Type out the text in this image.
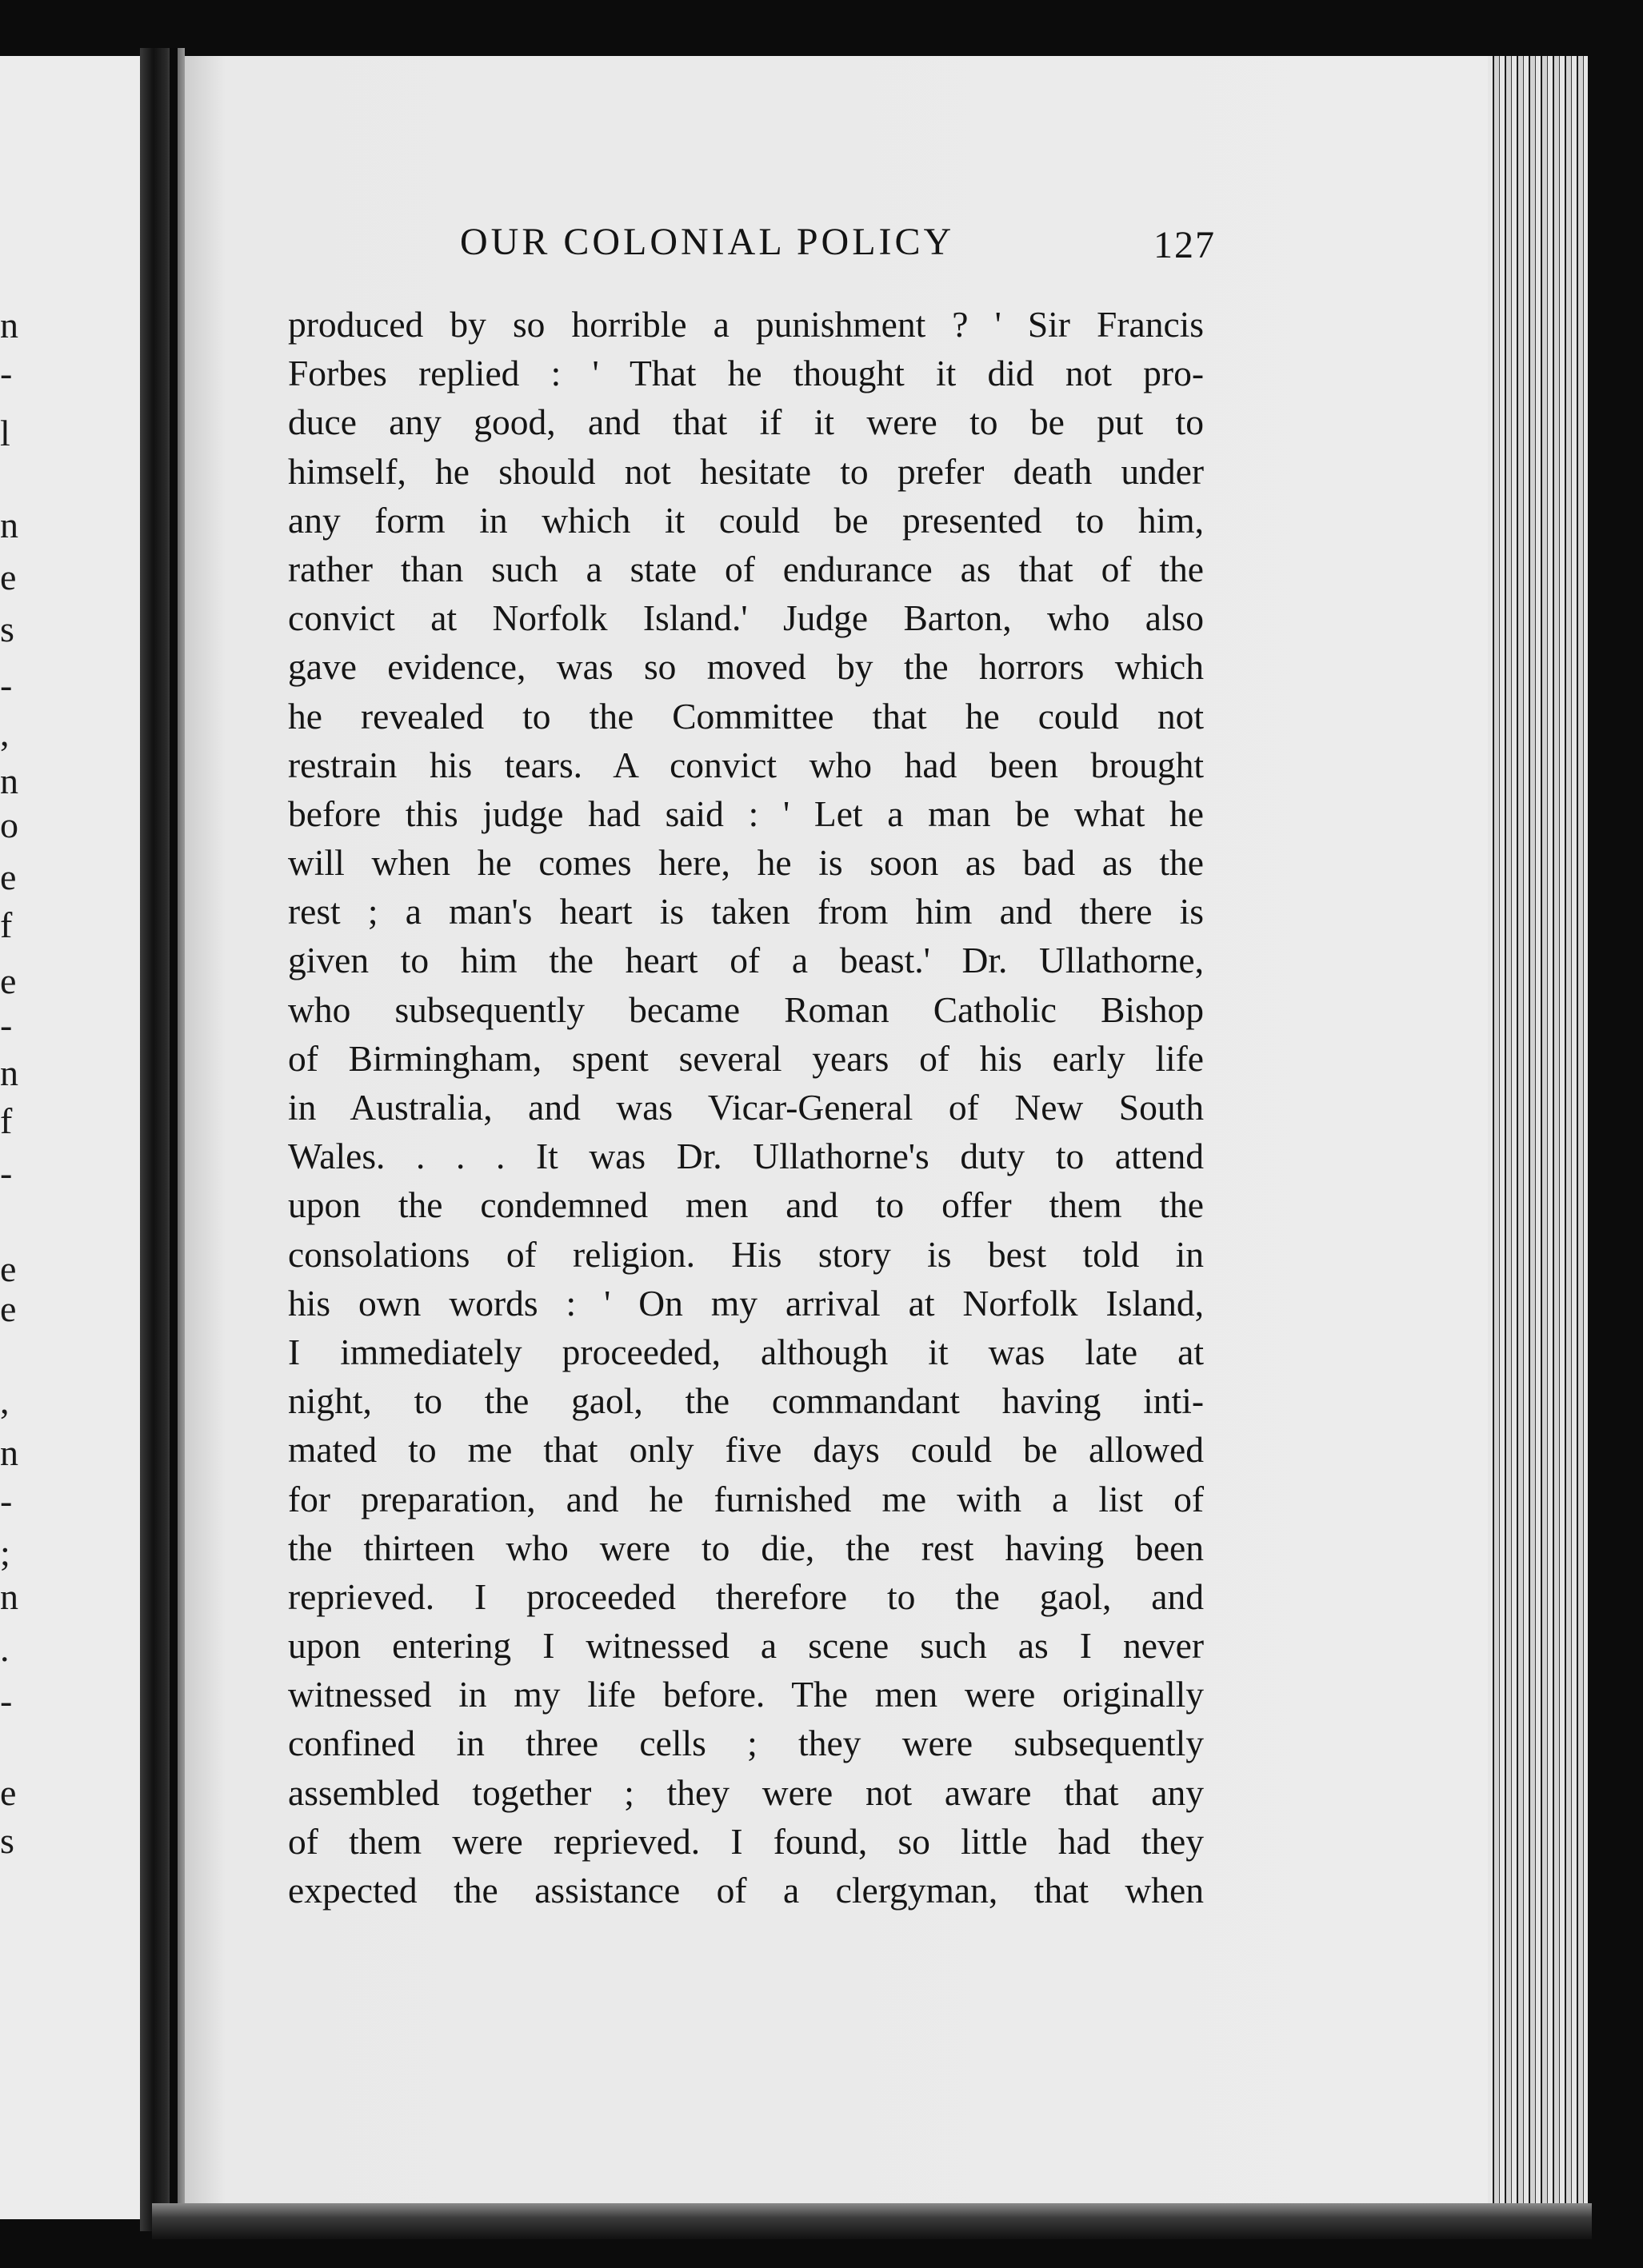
n
-
l
n
e
s
-
,
n
o
e
f
e
-
n
f
-
e
e
,
n
-
;
n
.
-
e
s
OUR COLONIAL POLICY	127
produced by so horrible a punishment ? ' Sir Francis
Forbes replied : ' That he thought it did not pro-
duce any good, and that if it were to be put to
himself, he should not hesitate to prefer death under
any form in which it could be presented to him,
rather than such a state of endurance as that of the
convict at Norfolk Island.' Judge Barton, who also
gave evidence, was so moved by the horrors which
he revealed to the Committee that he could not
restrain his tears. A convict who had been brought
before this judge had said : ' Let a man be what he
will when he comes here, he is soon as bad as the
rest ; a man's heart is taken from him and there is
given to him the heart of a beast.' Dr. Ullathorne,
who subsequently became Roman Catholic Bishop
of Birmingham, spent several years of his early life
in Australia, and was Vicar-General of New South
Wales. . . . It was Dr. Ullathorne's duty to attend
upon the condemned men and to offer them the
consolations of religion. His story is best told in
his own words : ' On my arrival at Norfolk Island,
I immediately proceeded, although it was late at
night, to the gaol, the commandant having inti-
mated to me that only five days could be allowed
for preparation, and he furnished me with a list of
the thirteen who were to die, the rest having been
reprieved. I proceeded therefore to the gaol, and
upon entering I witnessed a scene such as I never
witnessed in my life before. The men were originally
confined in three cells ; they were subsequently
assembled together ; they were not aware that any
of them were reprieved. I found, so little had they
expected the assistance of a clergyman, that when
